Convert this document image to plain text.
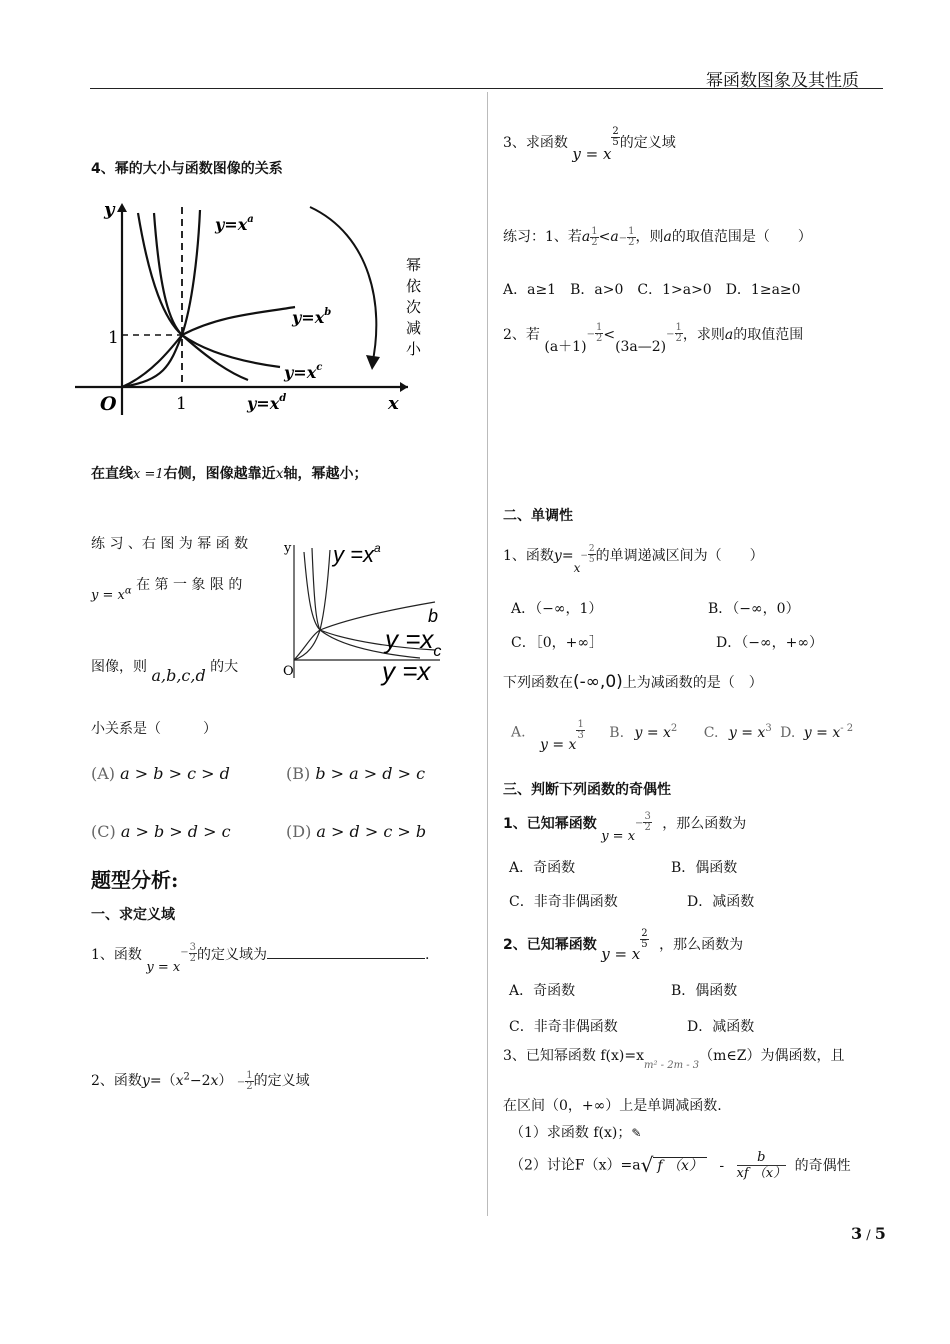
幂函数图象及其性质
4、幂的大小与函数图像的关系
y
x
O
1
1
$y=x^a$
$y=x^b$
$y=x^c$
$y=x^d$
幂
依
次
减
小
在直线x =1右侧，图像越靠近x轴，幂越小；
练 习 、右 图 为 幂 函 数
$y = x^\alpha$ 在 第 一 象 限 的
图像，则 a,b,c,d 的大
小关系是（　　　）
y
O
$y =x^a$
b
$y =x_c$
y =x
(A) a > b > c > d	(B) b > a > d > c
(C) a > b > d > c	(D) a > d > c > b
题型分析:
一、求定义域
1、函数 $y = x^- \frac{3}{2}$ 的定义域为	.
2、函数$y=(x^2-2x) - \frac{1}{2}$ 的定义域
3、求函数 y = x
$\frac{2}{5}$ 的定义域
练习：1、若a $\frac{1}{2} <a- \frac{1}{2}$ ，则a的取值范围是（　　）
A．a≥1　B．a>0　C．1>a>0　D．1≥a≥0
2、若 $(a+1)- \frac{1}{2}$ <(3a—2)− $\frac{1}{2}$ ，求则a的取值范围
二、单调性
1、函数$y=x- \frac{2}{5}$ 的单调递减区间为（　　）
A．（−∞，1）	B．（−∞，0）
C．［0，+∞］	D．（−∞，+∞）
下列函数在(-∞,0)上为减函数的是（　）
A. y = x
$\frac{1}{3} B$. $y = x^2$ C. $y = x^3$ D. $y = x^{- 2}$
三、判断下列函数的奇偶性
1、已知幂函数 $y = x- \frac{3}{2}$ ，那么函数为
A．奇函数	B．偶函数
C．非奇非偶函数	D．减函数
2、已知幂函数 y = x
$\frac{2}{5}$ ，那么函数为
A．奇函数	B．偶函数
C．非奇非偶函数	D．减函数
3、已知幂函数 $f(x)=x_{m^2 - 2m - 3}(m\in Z)$为偶函数，且
在区间（0，+∞）上是单调减函数.
（1）求函数 f(x)；✎
（2）讨论F（x）=a√ f $(x) - \frac{b}{xf (x)}$ 的奇偶性
3 / 5
